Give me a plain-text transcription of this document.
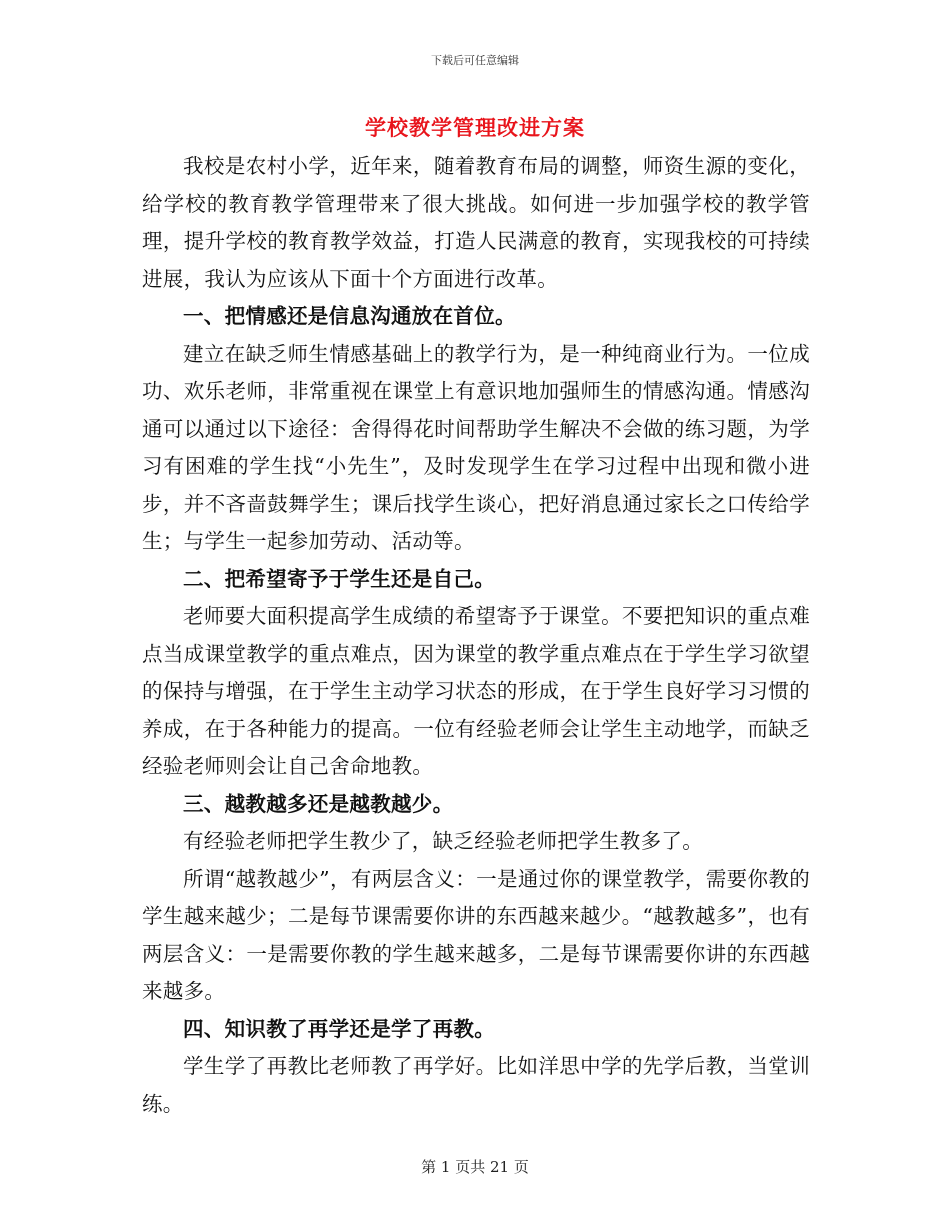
下载后可任意编辑
学校教学管理改进方案

我校是农村小学，近年来，随着教育布局的调整，师资生源的变化，给学校的教育教学管理带来了很大挑战。如何进一步加强学校的教学管理，提升学校的教育教学效益，打造人民满意的教育，实现我校的可持续进展，我认为应该从下面十个方面进行改革。

一、把情感还是信息沟通放在首位。

建立在缺乏师生情感基础上的教学行为，是一种纯商业行为。一位成功、欢乐老师，非常重视在课堂上有意识地加强师生的情感沟通。情感沟通可以通过以下途径：舍得得花时间帮助学生解决不会做的练习题，为学习有困难的学生找“小先生”，及时发现学生在学习过程中出现和微小进步，并不吝啬鼓舞学生；课后找学生谈心，把好消息通过家长之口传给学生；与学生一起参加劳动、活动等。

二、把希望寄予于学生还是自己。

老师要大面积提高学生成绩的希望寄予于课堂。不要把知识的重点难点当成课堂教学的重点难点，因为课堂的教学重点难点在于学生学习欲望的保持与增强，在于学生主动学习状态的形成，在于学生良好学习习惯的养成，在于各种能力的提高。一位有经验老师会让学生主动地学，而缺乏经验老师则会让自己舍命地教。

三、越教越多还是越教越少。

有经验老师把学生教少了，缺乏经验老师把学生教多了。

所谓“越教越少”，有两层含义：一是通过你的课堂教学，需要你教的学生越来越少；二是每节课需要你讲的东西越来越少。“越教越多”，也有两层含义：一是需要你教的学生越来越多，二是每节课需要你讲的东西越来越多。

四、知识教了再学还是学了再教。

学生学了再教比老师教了再学好。比如洋思中学的先学后教，当堂训练。

第 1 页共 21 页
